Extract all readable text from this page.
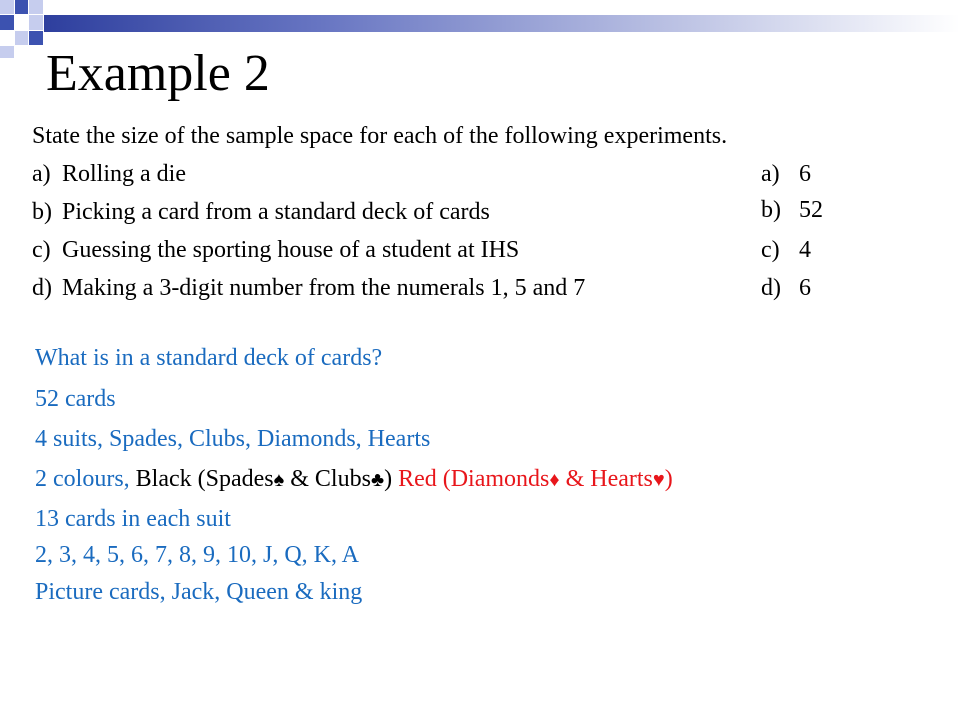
Example 2
State the size of the sample space for each of the following experiments.
a) Rolling a die
b) Picking a card from a standard deck of cards
c) Guessing the sporting house of a student at IHS
d) Making a 3-digit number from the numerals 1, 5 and 7
a) 6
b) 52
c) 4
d) 6
What is in a standard deck of cards?
52 cards
4 suits, Spades, Clubs, Diamonds, Hearts
2 colours, Black (Spades♠ & Clubs♣) Red (Diamonds♦ & Hearts♥)
13 cards in each suit
2, 3, 4, 5, 6, 7, 8, 9, 10, J, Q, K, A
Picture cards, Jack, Queen & king
